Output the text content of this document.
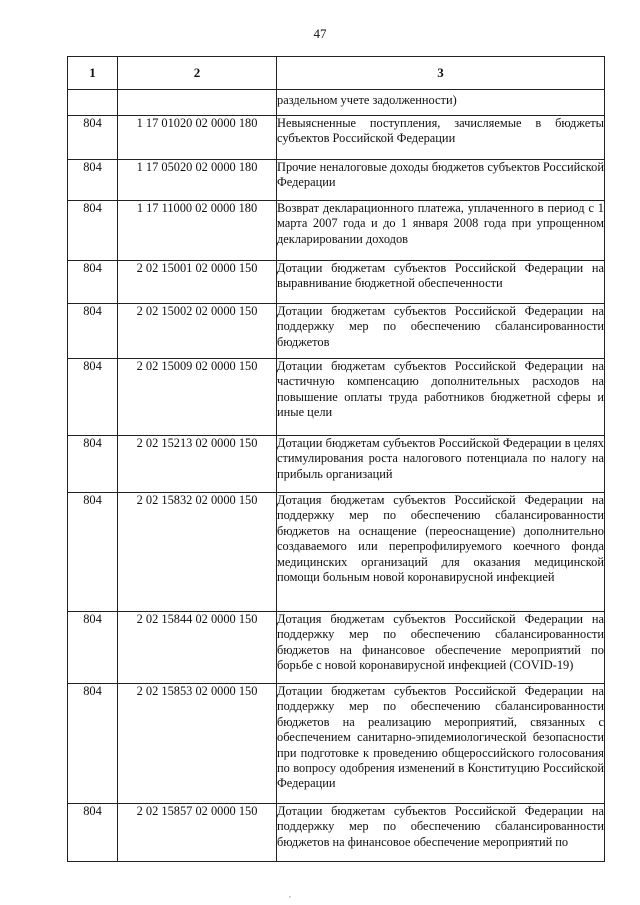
47
1	2	3
		раздельном учете задолженности)
804	1 17 01020 02 0000 180	Невыясненные поступления, зачисляемые в бюджеты субъектов Российской Федерации
804	1 17 05020 02 0000 180	Прочие неналоговые доходы бюджетов субъектов Российской Федерации
804	1 17 11000 02 0000 180	Возврат декларационного платежа, уплаченного в период с 1 марта 2007 года и до 1 января 2008 года при упрощенном декларировании доходов
804	2 02 15001 02 0000 150	Дотации бюджетам субъектов Российской Федерации на выравнивание бюджетной обеспеченности
804	2 02 15002 02 0000 150	Дотации бюджетам субъектов Российской Федерации на поддержку мер по обеспечению сбалансированности бюджетов
804	2 02 15009 02 0000 150	Дотации бюджетам субъектов Российской Федерации на частичную компенсацию дополнительных расходов на повышение оплаты труда работников бюджетной сферы и иные цели
804	2 02 15213 02 0000 150	Дотации бюджетам субъектов Российской Федерации в целях стимулирования роста налогового потенциала по налогу на прибыль организаций
804	2 02 15832 02 0000 150	Дотация бюджетам субъектов Российской Федерации на поддержку мер по обеспечению сбалансированности бюджетов на оснащение (переоснащение) дополнительно создаваемого или перепрофилируемого коечного фонда медицинских организаций для оказания медицинской помощи больным новой коронавирусной инфекцией
804	2 02 15844 02 0000 150	Дотация бюджетам субъектов Российской Федерации на поддержку мер по обеспечению сбалансированности бюджетов на финансовое обеспечение мероприятий по борьбе с новой коронавирусной инфекцией (COVID-19)
804	2 02 15853 02 0000 150	Дотации бюджетам субъектов Российской Федерации на поддержку мер по обеспечению сбалансированности бюджетов на реализацию мероприятий, связанных с обеспечением санитарно-эпидемиологической безопасности при подготовке к проведению общероссийского голосования по вопросу одобрения изменений в Конституцию Российской Федерации
804	2 02 15857 02 0000 150	Дотации бюджетам субъектов Российской Федерации на поддержку мер по обеспечению сбалансированности бюджетов на финансовое обеспечение мероприятий по
,
